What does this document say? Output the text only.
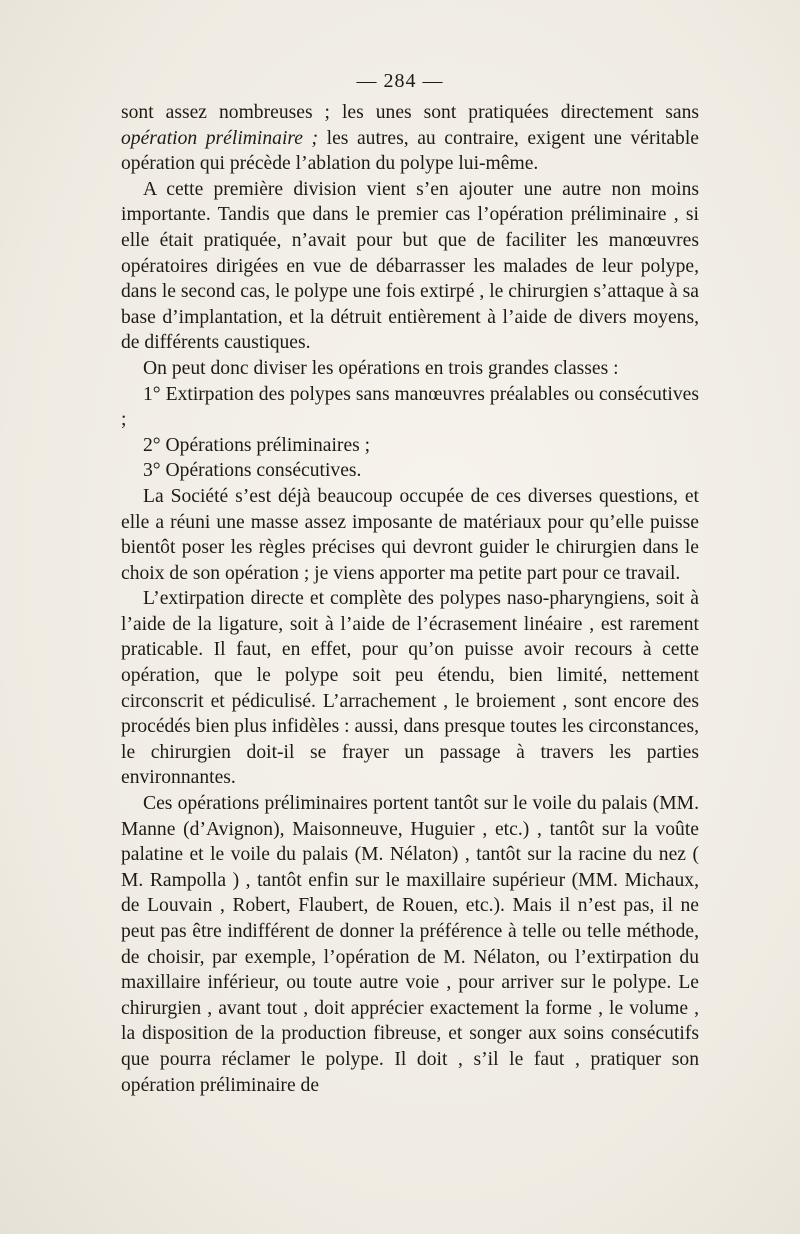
— 284 —

sont assez nombreuses ; les unes sont pratiquées directement sans opération préliminaire ; les autres, au contraire, exigent une véritable opération qui précède l’ablation du polype lui-même.

A cette première division vient s’en ajouter une autre non moins importante. Tandis que dans le premier cas l’opération préliminaire , si elle était pratiquée, n’avait pour but que de faciliter les manœuvres opératoires dirigées en vue de débarrasser les malades de leur polype, dans le second cas, le polype une fois extirpé , le chirurgien s’attaque à sa base d’implantation, et la détruit entièrement à l’aide de divers moyens, de différents caustiques.

On peut donc diviser les opérations en trois grandes classes :

1° Extirpation des polypes sans manœuvres préalables ou consécutives ;

2° Opérations préliminaires ;

3° Opérations consécutives.

La Société s’est déjà beaucoup occupée de ces diverses questions, et elle a réuni une masse assez imposante de matériaux pour qu’elle puisse bientôt poser les règles précises qui devront guider le chirurgien dans le choix de son opération ; je viens apporter ma petite part pour ce travail.

L’extirpation directe et complète des polypes naso-pharyngiens, soit à l’aide de la ligature, soit à l’aide de l’écrasement linéaire , est rarement praticable. Il faut, en effet, pour qu’on puisse avoir recours à cette opération, que le polype soit peu étendu, bien limité, nettement circonscrit et pédiculisé. L’arrachement , le broiement , sont encore des procédés bien plus infidèles : aussi, dans presque toutes les circonstances, le chirurgien doit-il se frayer un passage à travers les parties environnantes.

Ces opérations préliminaires portent tantôt sur le voile du palais (MM. Manne (d’Avignon), Maisonneuve, Huguier , etc.) , tantôt sur la voûte palatine et le voile du palais (M. Nélaton) , tantôt sur la racine du nez ( M. Rampolla ) , tantôt enfin sur le maxillaire supérieur (MM. Michaux, de Louvain , Robert, Flaubert, de Rouen, etc.). Mais il n’est pas, il ne peut pas être indifférent de donner la préférence à telle ou telle méthode, de choisir, par exemple, l’opération de M. Nélaton, ou l’extirpation du maxillaire inférieur, ou toute autre voie , pour arriver sur le polype. Le chirurgien , avant tout , doit apprécier exactement la forme , le volume , la disposition de la production fibreuse, et songer aux soins consécutifs que pourra réclamer le polype. Il doit , s’il le faut , pratiquer son opération préliminaire de
